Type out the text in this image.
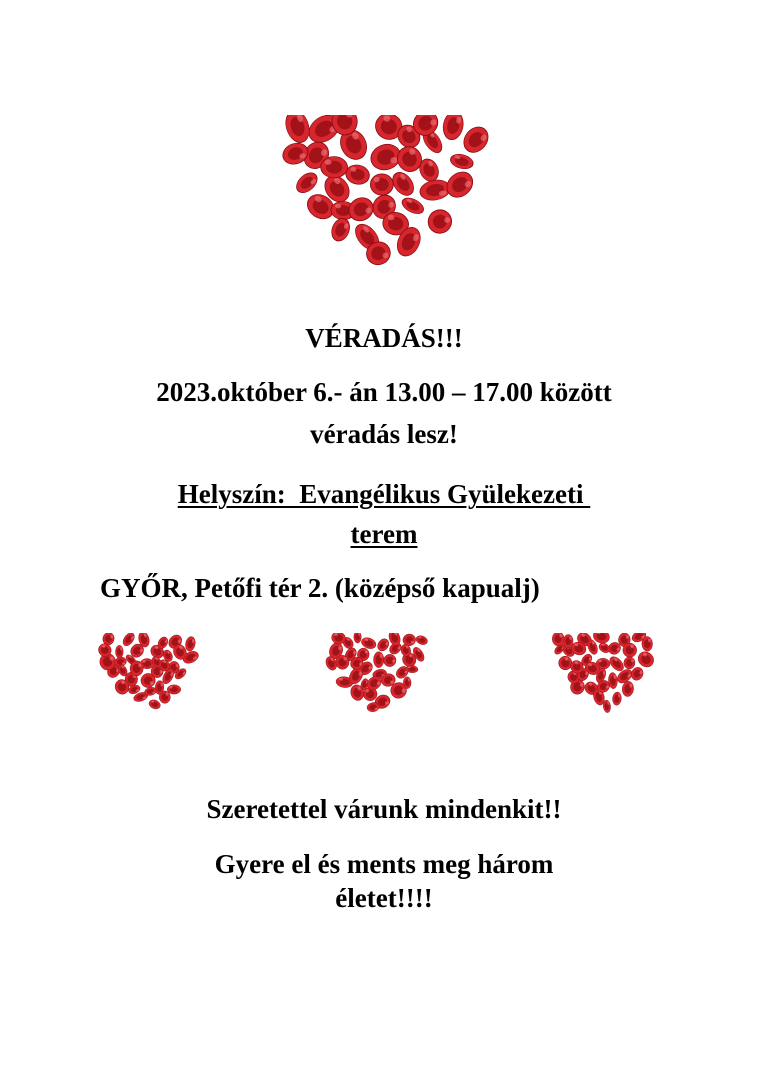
VÉRADÁS!!!
2023.október 6.- án 13.00 – 17.00 között
véradás lesz!
Helyszín:  Evangélikus Gyülekezeti
terem
GYŐR, Petőfi tér 2. (középső kapualj)
Szeretettel várunk mindenkit!!
Gyere el és ments meg három
életet!!!!
